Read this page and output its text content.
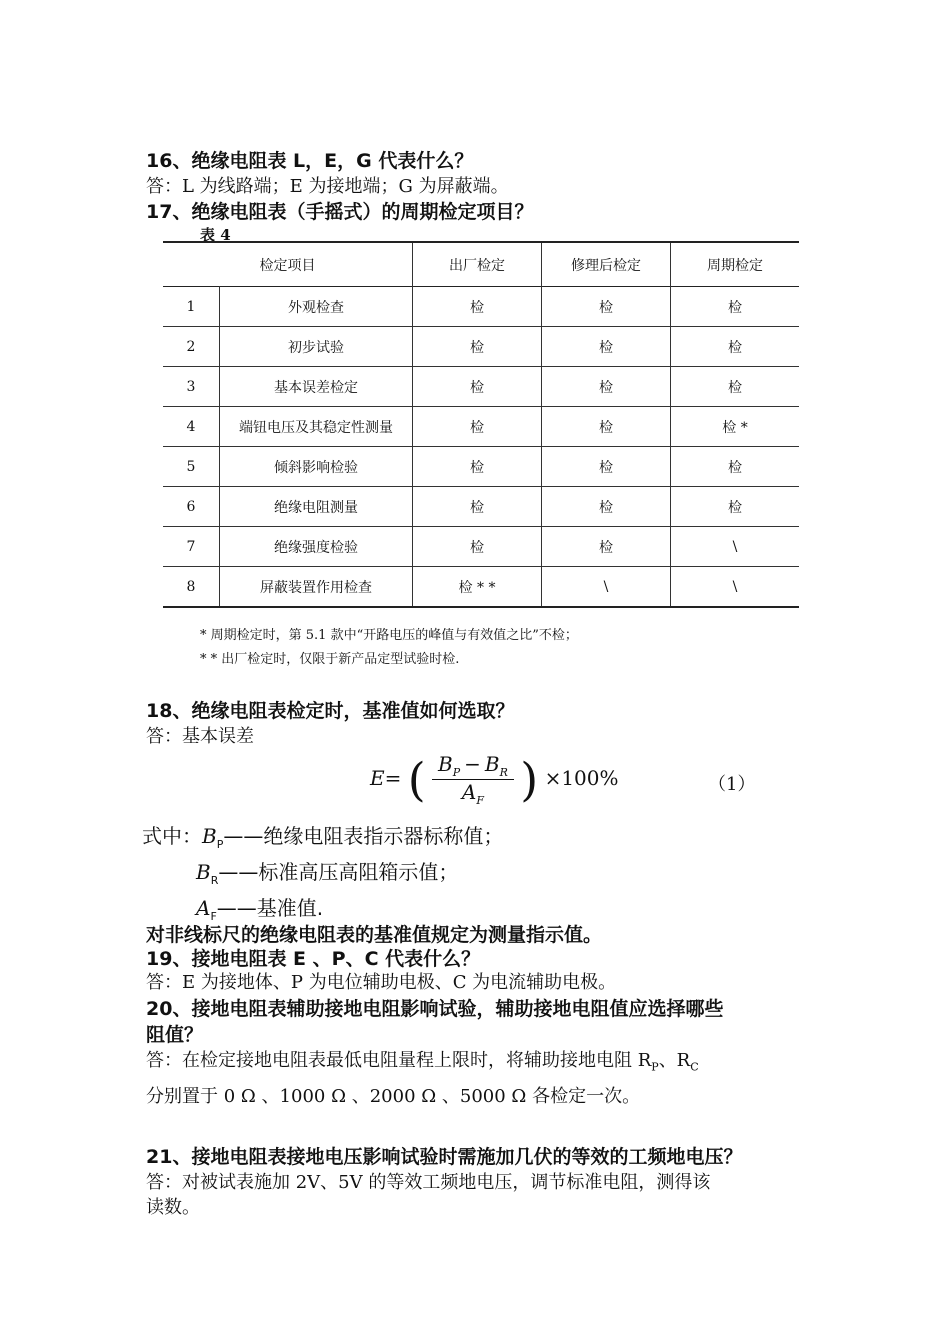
16、绝缘电阻表 L，E，G 代表什么？
答：L 为线路端；E 为接地端；G 为屏蔽端。
17、绝缘电阻表（手摇式）的周期检定项目？
表 4
检定项目		出厂检定	修理后检定	周期检定
1	外观检查	检	检	检
2	初步试验	检	检	检
3	基本误差检定	检	检	检
4	端钮电压及其稳定性测量	检	检	检 *
5	倾斜影响检验	检	检	检
6	绝缘电阻测量	检	检	检
7	绝缘强度检验	检	检	\
8	屏蔽装置作用检查	检 * *	\	\
* 周期检定时，第 5.1 款中“开路电压的峰值与有效值之比”不检；
* * 出厂检定时，仅限于新产品定型试验时检.
18、绝缘电阻表检定时，基准值如何选取？
答：基本误差
E= ( $\frac{B_P - B_R}{A_F}$ ) ×100%	（1）
式中：$B_P——$绝缘电阻表指示器标称值；
$B_R——$标准高压高阻箱示值；
$A_F——$基准值.
对非线标尺的绝缘电阻表的基准值规定为测量指示值。
19、接地电阻表 E 、P、C 代表什么？
答：E 为接地体、P 为电位辅助电极、C 为电流辅助电极。
20、接地电阻表辅助接地电阻影响试验，辅助接地电阻值应选择哪些
阻值？
答：在检定接地电阻表最低电阻量程上限时，将辅助接地电阻 $R_P$、$R_C$
分别置于 0 Ω 、1000 Ω 、2000 Ω 、5000 Ω 各检定一次。
21、接地电阻表接地电压影响试验时需施加几伏的等效的工频地电压？
答：对被试表施加 2V、5V 的等效工频地电压，调节标准电阻，测得该
读数。
